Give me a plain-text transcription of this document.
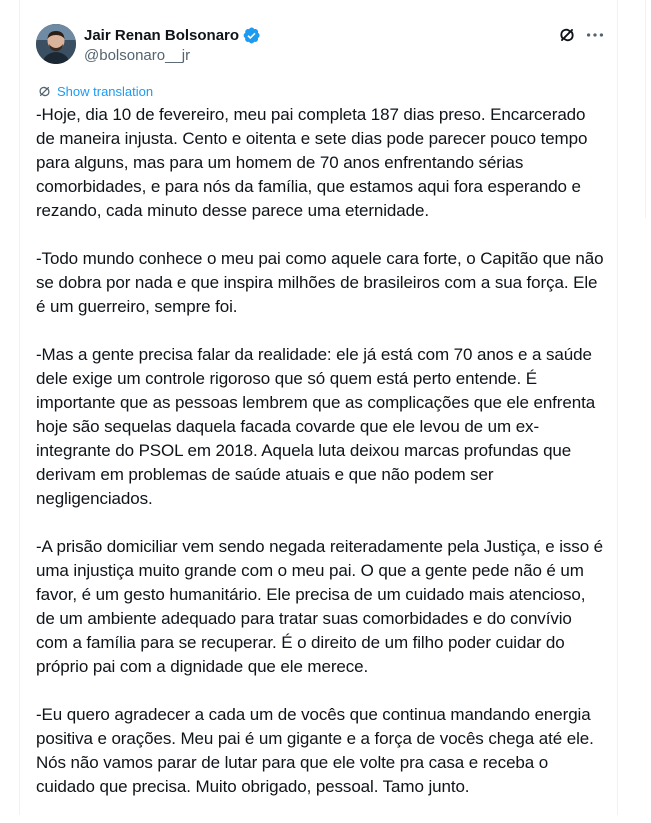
Jair Renan Bolsonaro
@bolsonaro__jr
Show translation

-Hoje, dia 10 de fevereiro, meu pai completa 187 dias preso. Encarcerado de maneira injusta. Cento e oitenta e sete dias pode parecer pouco tempo para alguns, mas para um homem de 70 anos enfrentando sérias comorbidades, e para nós da família, que estamos aqui fora esperando e rezando, cada minuto desse parece uma eternidade.

-Todo mundo conhece o meu pai como aquele cara forte, o Capitão que não se dobra por nada e que inspira milhões de brasileiros com a sua força. Ele é um guerreiro, sempre foi.

-Mas a gente precisa falar da realidade: ele já está com 70 anos e a saúde dele exige um controle rigoroso que só quem está perto entende. É importante que as pessoas lembrem que as complicações que ele enfrenta hoje são sequelas daquela facada covarde que ele levou de um ex-integrante do PSOL em 2018. Aquela luta deixou marcas profundas que derivam em problemas de saúde atuais e que não podem ser negligenciados.

-A prisão domiciliar vem sendo negada reiteradamente pela Justiça, e isso é uma injustiça muito grande com o meu pai. O que a gente pede não é um favor, é um gesto humanitário. Ele precisa de um cuidado mais atencioso, de um ambiente adequado para tratar suas comorbidades e do convívio com a família para se recuperar. É o direito de um filho poder cuidar do próprio pai com a dignidade que ele merece.

-Eu quero agradecer a cada um de vocês que continua mandando energia positiva e orações. Meu pai é um gigante e a força de vocês chega até ele. Nós não vamos parar de lutar para que ele volte pra casa e receba o cuidado que precisa. Muito obrigado, pessoal. Tamo junto.
